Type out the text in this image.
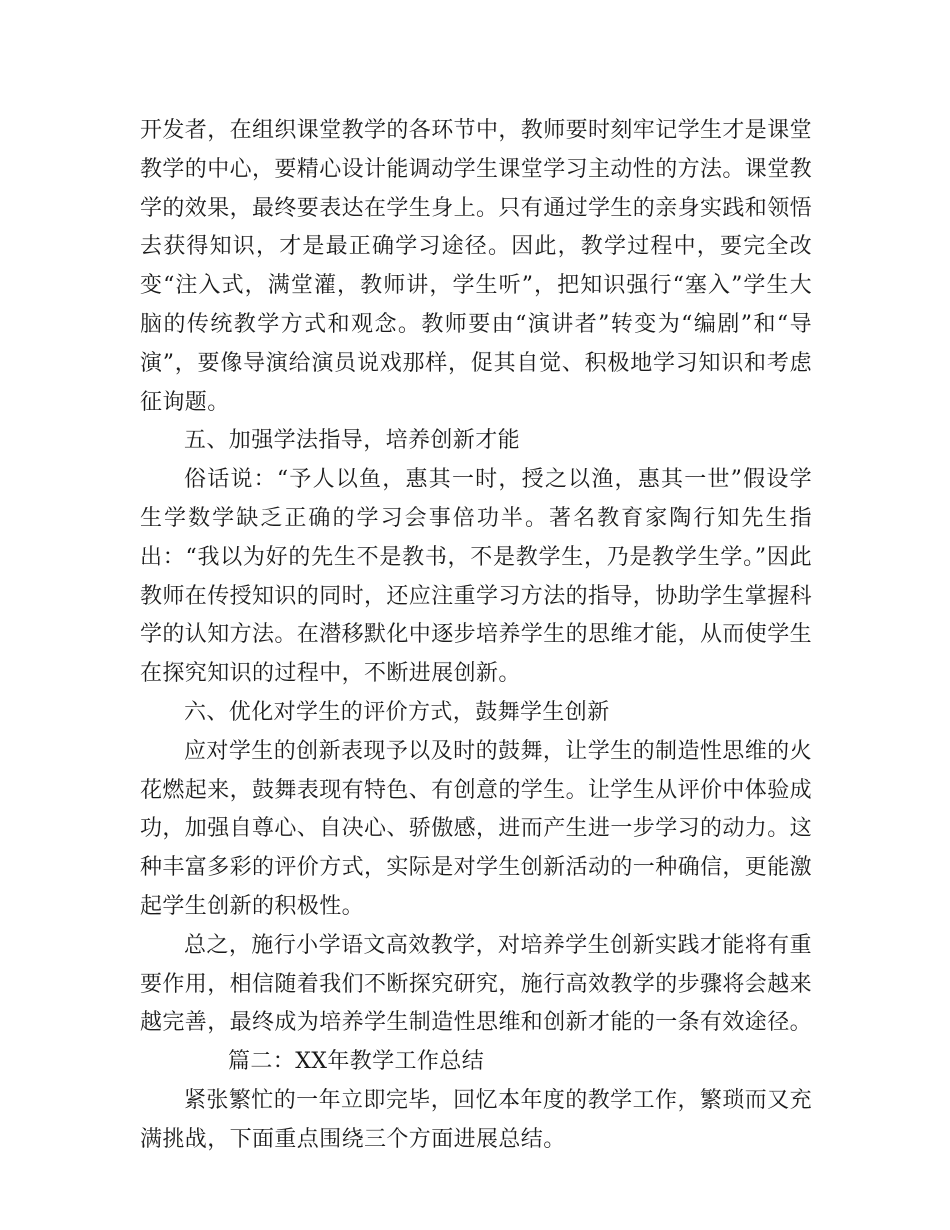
开发者，在组织课堂教学的各环节中，教师要时刻牢记学生才是课堂教学的中心，要精心设计能调动学生课堂学习主动性的方法。课堂教学的效果，最终要表达在学生身上。只有通过学生的亲身实践和领悟去获得知识，才是最正确学习途径。因此，教学过程中，要完全改变“注入式，满堂灌，教师讲，学生听”，把知识强行“塞入”学生大脑的传统教学方式和观念。教师要由“演讲者”转变为“编剧”和“导演”，要像导演给演员说戏那样，促其自觉、积极地学习知识和考虑征询题。

五、加强学法指导，培养创新才能

俗话说：“予人以鱼，惠其一时，授之以渔，惠其一世”假设学生学数学缺乏正确的学习会事倍功半。著名教育家陶行知先生指出：“我以为好的先生不是教书，不是教学生，乃是教学生学。”因此教师在传授知识的同时，还应注重学习方法的指导，协助学生掌握科学的认知方法。在潜移默化中逐步培养学生的思维才能，从而使学生在探究知识的过程中，不断进展创新。

六、优化对学生的评价方式，鼓舞学生创新

应对学生的创新表现予以及时的鼓舞，让学生的制造性思维的火花燃起来，鼓舞表现有特色、有创意的学生。让学生从评价中体验成功，加强自尊心、自决心、骄傲感，进而产生进一步学习的动力。这种丰富多彩的评价方式，实际是对学生创新活动的一种确信，更能激起学生创新的积极性。

总之，施行小学语文高效教学，对培养学生创新实践才能将有重要作用，相信随着我们不断探究研究，施行高效教学的步骤将会越来越完善，最终成为培养学生制造性思维和创新才能的一条有效途径。

篇二：XX年教学工作总结

紧张繁忙的一年立即完毕，回忆本年度的教学工作，繁琐而又充满挑战，下面重点围绕三个方面进展总结。
